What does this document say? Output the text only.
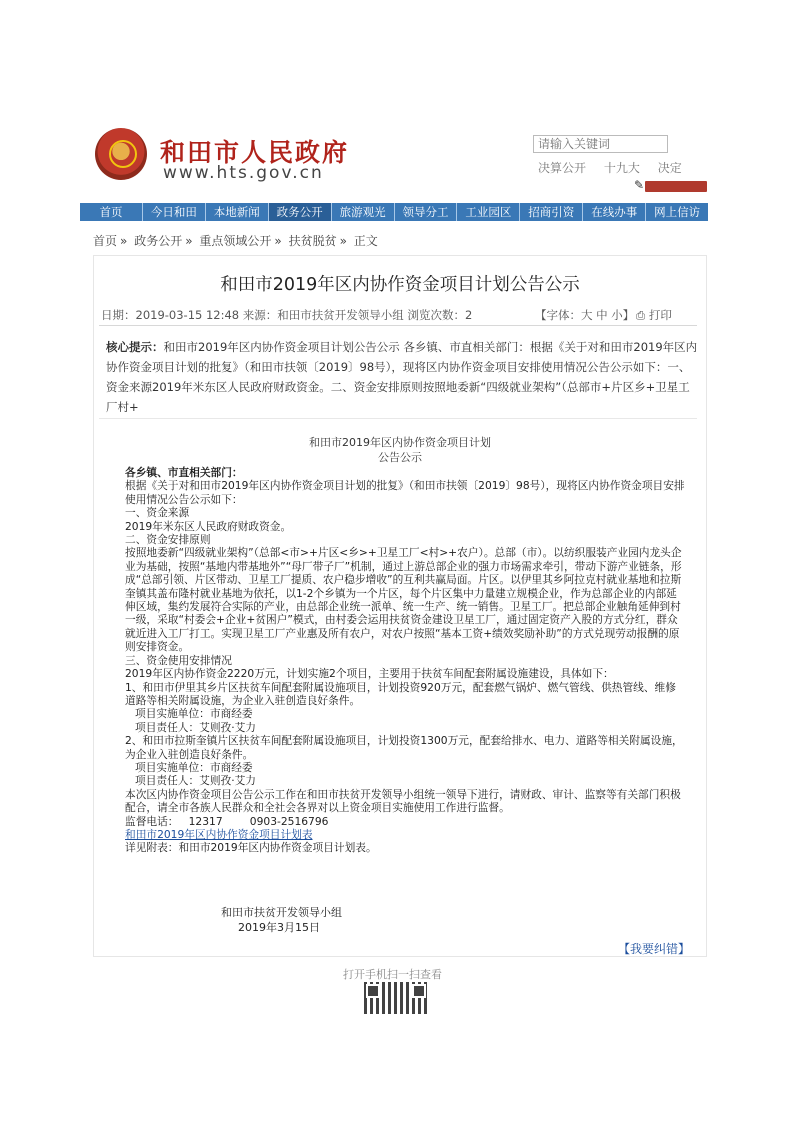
和田市人民政府
www.hts.gov.cn
请输入关键词	决算公开 十九大 决定
✎
首页	今日和田	本地新闻	政务公开	旅游观光	领导分工	工业园区	招商引资	在线办事	网上信访
首页 » 政务公开 » 重点领域公开 » 扶贫脱贫 » 正文
和田市2019年区内协作资金项目计划公告公示
日期：2019-03-15 12:48 来源：和田市扶贫开发领导小组 浏览次数：2	【字体：大 中 小】 ⎙ 打印
核心提示：和田市2019年区内协作资金项目计划公告公示 各乡镇、市直相关部门：根据《关于对和田市2019年区内协作资金项目计划的批复》（和田市扶领〔2019〕98号），现将区内协作资金项目安排使用情况公告公示如下：一、资金来源2019年米东区人民政府财政资金。二、资金安排原则按照地委新“四级就业架构”（总部市+片区乡+卫星工厂村+
和田市2019年区内协作资金项目计划
公告公示

各乡镇、市直相关部门：

根据《关于对和田市2019年区内协作资金项目计划的批复》（和田市扶领〔2019〕98号），现将区内协作资金项目安排使用情况公告公示如下：

一、资金来源

2019年米东区人民政府财政资金。

二、资金安排原则

按照地委新“四级就业架构”（总部<市>+片区<乡>+卫星工厂<村>+农户）。总部（市）。以纺织服装产业园内龙头企业为基础，按照“基地内带基地外”“母厂带子厂”机制，通过上游总部企业的强力市场需求牵引，带动下游产业链条，形成“总部引领、片区带动、卫星工厂提质、农户稳步增收”的互利共赢局面。片区。以伊里其乡阿拉克村就业基地和拉斯奎镇其盖布隆村就业基地为依托，以1-2个乡镇为一个片区，每个片区集中力量建立规模企业，作为总部企业的内部延伸区域，集约发展符合实际的产业，由总部企业统一派单、统一生产、统一销售。卫星工厂。把总部企业触角延伸到村一级，采取“村委会+企业+贫困户”模式，由村委会运用扶贫资金建设卫星工厂，通过固定资产入股的方式分红，群众就近进入工厂打工。实现卫星工厂产业惠及所有农户，对农户按照“基本工资+绩效奖励补助”的方式兑现劳动报酬的原则安排资金。

三、资金使用安排情况

2019年区内协作资金2220万元，计划实施2个项目，主要用于扶贫车间配套附属设施建设，具体如下：

1、和田市伊里其乡片区扶贫车间配套附属设施项目，计划投资920万元，配套燃气锅炉、燃气管线、供热管线、维修道路等相关附属设施，为企业入驻创造良好条件。

项目实施单位：市商经委

项目责任人：艾则孜·艾力

2、和田市拉斯奎镇片区扶贫车间配套附属设施项目，计划投资1300万元，配套给排水、电力、道路等相关附属设施，为企业入驻创造良好条件。

项目实施单位：市商经委

项目责任人：艾则孜·艾力

本次区内协作资金项目公告公示工作在和田市扶贫开发领导小组统一领导下进行，请财政、审计、监察等有关部门积极配合，请全市各族人民群众和全社会各界对以上资金项目实施使用工作进行监督。

监督电话：   12317        0903-2516796

和田市2019年区内协作资金项目计划表

详见附表：和田市2019年区内协作资金项目计划表。

和田市扶贫开发领导小组
2019年3月15日
【我要纠错】
打开手机扫一扫查看
